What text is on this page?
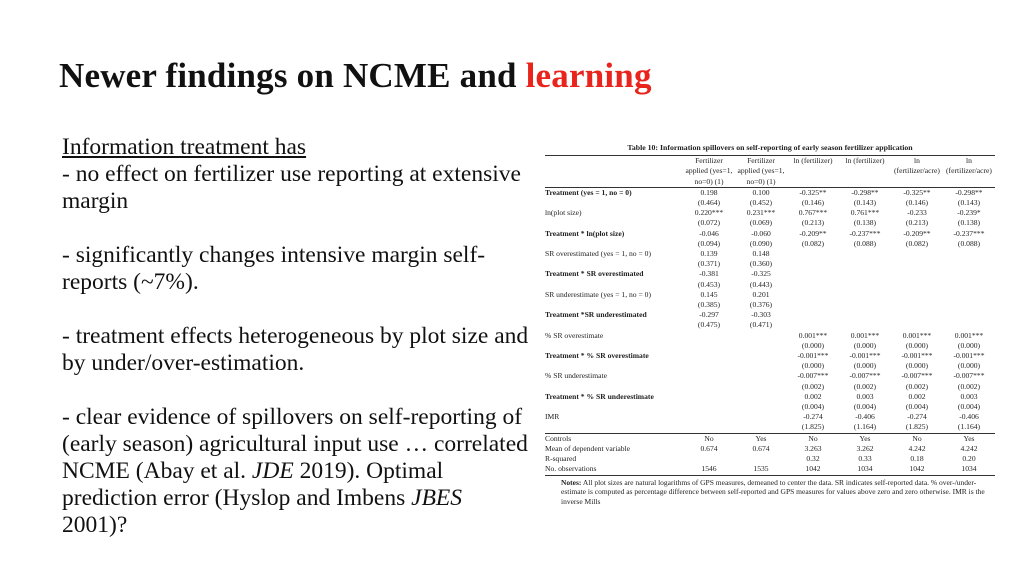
Newer findings on NCME and learning

Information treatment has
- no effect on fertilizer use reporting at extensive margin

- significantly changes intensive margin self-reports (~7%).

- treatment effects heterogeneous by plot size and by under/over-estimation.

- clear evidence of spillovers on self-reporting of (early season) agricultural input use … correlated NCME (Abay et al. JDE 2019). Optimal prediction error (Hyslop and Imbens JBES 2001)?

Table 10: Information spillovers on self-reporting of early season fertilizer application
	Fertilizer applied (yes=1, no=0) (1)	Fertilizer applied (yes=1, no=0) (1)	ln (fertilizer)	ln (fertilizer)	ln (fertilizer/acre)	ln (fertilizer/acre)
Treatment (yes = 1, no = 0)	0.198	0.100	-0.325**	-0.298**	-0.325**	-0.298**
	(0.464)	(0.452)	(0.146)	(0.143)	(0.146)	(0.143)
ln(plot size)	0.220***	0.231***	0.767***	0.761***	-0.233	-0.239*
	(0.072)	(0.069)	(0.213)	(0.138)	(0.213)	(0.138)
Treatment * ln(plot size)	-0.046	-0.060	-0.209**	-0.237***	-0.209**	-0.237***
	(0.094)	(0.090)	(0.082)	(0.088)	(0.082)	(0.088)
SR overestimated (yes = 1, no = 0)	0.139	0.148				
	(0.371)	(0.360)				
Treatment * SR overestimated	-0.381	-0.325				
	(0.453)	(0.443)				
SR underestimate (yes = 1, no = 0)	0.145	0.201				
	(0.385)	(0.376)				
Treatment *SR underestimated	-0.297	-0.303				
	(0.475)	(0.471)				
% SR overestimate			0.001***	0.001***	0.001***	0.001***
			(0.000)	(0.000)	(0.000)	(0.000)
Treatment * % SR overestimate			-0.001***	-0.001***	-0.001***	-0.001***
			(0.000)	(0.000)	(0.000)	(0.000)
% SR underestimate			-0.007***	-0.007***	-0.007***	-0.007***
			(0.002)	(0.002)	(0.002)	(0.002)
Treatment * % SR underestimate			0.002	0.003	0.002	0.003
			(0.004)	(0.004)	(0.004)	(0.004)
IMR			-0.274	-0.406	-0.274	-0.406
			(1.825)	(1.164)	(1.825)	(1.164)
Controls	No	Yes	No	Yes	No	Yes
Mean of dependent variable	0.674	0.674	3.263	3.262	4.242	4.242
R-squared			0.32	0.33	0.18	0.20
No. observations	1546	1535	1042	1034	1042	1034
Notes: All plot sizes are natural logarithms of GPS measures, demeaned to center the data. SR indicates self-reported data. % over-/under-estimate is computed as percentage difference between self-reported and GPS measures for values above zero and zero otherwise. IMR is the inverse Mills
